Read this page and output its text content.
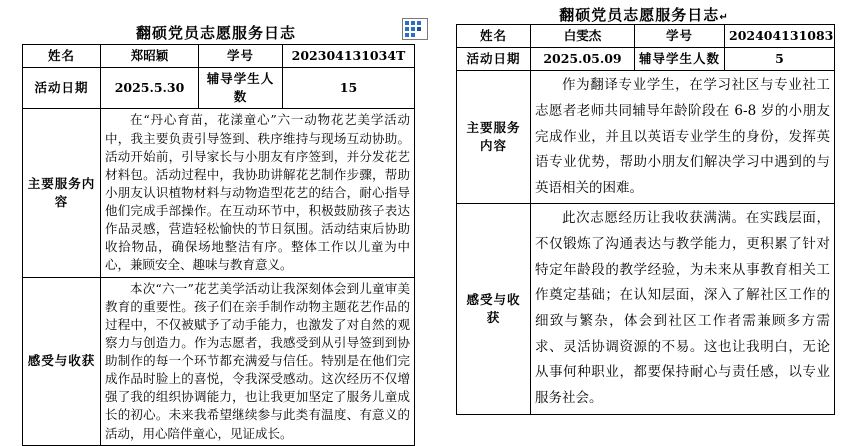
翻硕党员志愿服务日志
姓名	郑昭颖	学号	202304131034T
活动日期	2025.5.30	辅导学生人数	15
主要服务内容	在“丹心育苗，花漾童心”六一动物花艺美学活动中，我主要负责引导签到、秩序维持与现场互动协助。活动开始前，引导家长与小朋友有序签到，并分发花艺材料包。活动过程中，我协助讲解花艺制作步骤，帮助小朋友认识植物材料与动物造型花艺的结合，耐心指导他们完成手部操作。在互动环节中，积极鼓励孩子表达作品灵感，营造轻松愉快的节日氛围。活动结束后协助收拾物品，确保场地整洁有序。整体工作以儿童为中心，兼顾安全、趣味与教育意义。		

感受与收获	本次“六一”花艺美学活动让我深刻体会到儿童审美教育的重要性。孩子们在亲手制作动物主题花艺作品的过程中，不仅被赋予了动手能力，也激发了对自然的观察力与创造力。作为志愿者，我感受到从引导签到到协助制作的每一个环节都充满爱与信任。特别是在他们完成作品时脸上的喜悦，令我深受感动。这次经历不仅增强了我的组织协调能力，也让我更加坚定了服务儿童成长的初心。未来我希望继续参与此类有温度、有意义的活动，用心陪伴童心，见证成长。		

翻硕党员志愿服务日志↵
姓名	白雯杰	学号	202404131083
活动日期	2025.05.09	辅导学生人数	5
主要服务内容	作为翻译专业学生，在学习社区与专业社工志愿者老师共同辅导年龄阶段在 6-8 岁的小朋友完成作业，并且以英语专业学生的身份，发挥英语专业优势，帮助小朋友们解决学习中遇到的与英语相关的困难。		

感受与收获	此次志愿经历让我收获满满。在实践层面，不仅锻炼了沟通表达与教学能力，更积累了针对特定年龄段的教学经验，为未来从事教育相关工作奠定基础；在认知层面，深入了解社区工作的细致与繁杂，体会到社区工作者需兼顾多方需求、灵活协调资源的不易。这也让我明白，无论从事何种职业，都要保持耐心与责任感，以专业服务社会。		
